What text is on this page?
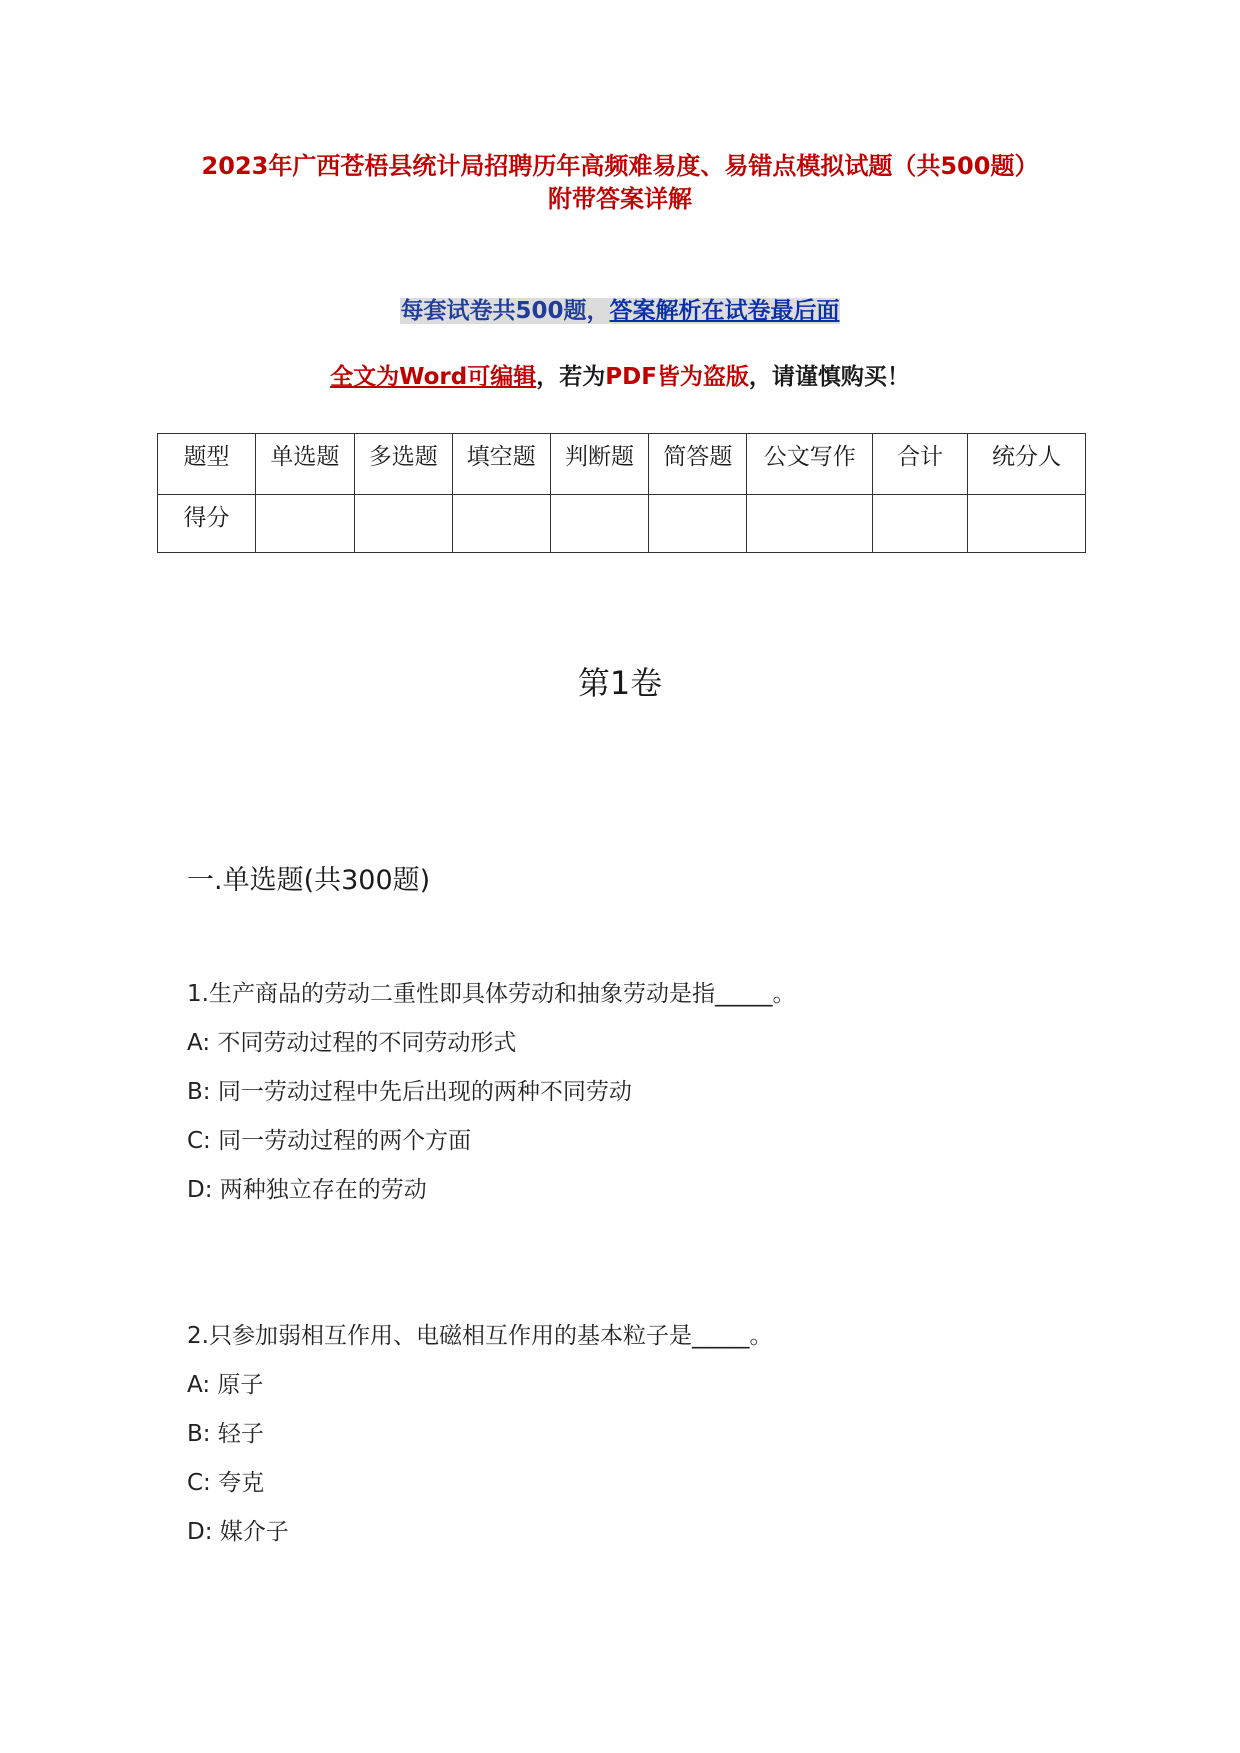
2023年广西苍梧县统计局招聘历年高频难易度、易错点模拟试题（共500题）
附带答案详解
每套试卷共500题，答案解析在试卷最后面
全文为Word可编辑，若为PDF皆为盗版，请谨慎购买！
题型	单选题	多选题	填空题	判断题	简答题	公文写作	合计	统分人
得分								
第1卷
一.单选题(共300题)
1.生产商品的劳动二重性即具体劳动和抽象劳动是指_____。
A: 不同劳动过程的不同劳动形式
B: 同一劳动过程中先后出现的两种不同劳动
C: 同一劳动过程的两个方面
D: 两种独立存在的劳动
2.只参加弱相互作用、电磁相互作用的基本粒子是_____。
A: 原子
B: 轻子
C: 夸克
D: 媒介子
